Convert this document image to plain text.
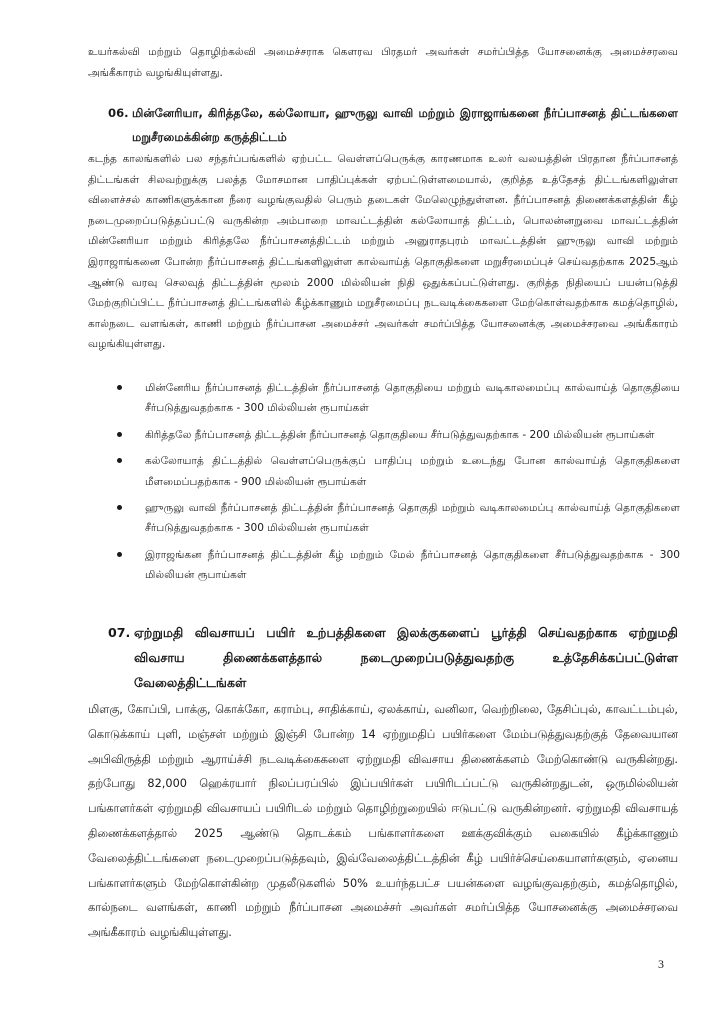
உயர்கல்வி மற்றும் தொழிற்கல்வி அமைச்சராக கௌரவ பிரதமர் அவர்கள் சமர்ப்பித்த யோசனைக்கு அமைச்சரவை அங்கீகாரம் வழங்கியுள்ளது.

06. மின்னேரியா, கிரித்தலே, கல்லோயா, ஹுருலு வாவி மற்றும் இராஜாங்கனை நீர்ப்பாசனத் திட்டங்களை மறுசீரமைக்கின்ற கருத்திட்டம்

கடந்த காலங்களில் பல சந்தர்ப்பங்களில் ஏற்பட்ட வெள்ளப்பெருக்கு காரணமாக உலர் வலயத்தின் பிரதான நீர்ப்பாசனத் திட்டங்கள் சிலவற்றுக்கு பலத்த மோசமான பாதிப்புக்கள் ஏற்பட்டுள்ளமையால், குறித்த உத்தேசத் திட்டங்களிலுள்ள விளைச்சல் காணிகளுக்கான நீரை வழங்குவதில் பெரும் தடைகள் மேலெழுந்துள்ளன. நீர்ப்பாசனத் திணைக்களத்தின் கீழ் நடைமுறைப்படுத்தப்பட்டு வருகின்ற அம்பாறை மாவட்டத்தின் கல்லோயாத் திட்டம், பொலன்னறுவை மாவட்டத்தின் மின்னேரியா மற்றும் கிரித்தலே நீர்ப்பாசனத்திட்டம் மற்றும் அனுராதபுரம் மாவட்டத்தின் ஹுருலு வாவி மற்றும் இராஜாங்கனை போன்ற நீர்ப்பாசனத் திட்டங்களிலுள்ள கால்வாய்த் தொகுதிகளை மறுசீரமைப்புச் செய்வதற்காக 2025ஆம் ஆண்டு வரவு செலவுத் திட்டத்தின் மூலம் 2000 மில்லியன் நிதி ஒதுக்கப்பட்டுள்ளது. குறித்த நிதியைப் பயன்படுத்தி மேற்குறிப்பிட்ட நீர்ப்பாசனத் திட்டங்களில் கீழ்க்காணும் மறுசீரமைப்பு நடவடிக்கைகளை மேற்கொள்வதற்காக கமத்தொழில், கால்நடை வளங்கள், காணி மற்றும் நீர்ப்பாசன அமைச்சர் அவர்கள் சமர்ப்பித்த யோசனைக்கு அமைச்சரவை அங்கீகாரம் வழங்கியுள்ளது.

மின்னேரிய நீர்ப்பாசனத் திட்டத்தின் நீர்ப்பாசனத் தொகுதியை மற்றும் வடிகாலமைப்பு கால்வாய்த் தொகுதியை சீர்படுத்துவதற்காக - 300 மில்லியன் ரூபாய்கள்
கிரித்தலே நீர்ப்பாசனத் திட்டத்தின் நீர்ப்பாசனத் தொகுதியை சீர்படுத்துவதற்காக - 200 மில்லியன் ரூபாய்கள்
கல்லோயாத் திட்டத்தில் வெள்ளப்பெருக்குப் பாதிப்பு மற்றும் உடைந்து போன கால்வாய்த் தொகுதிகளை மீளமைப்பதற்காக - 900 மில்லியன் ரூபாய்கள்
ஹுருலு வாவி நீர்ப்பாசனத் திட்டத்தின் நீர்ப்பாசனத் தொகுதி மற்றும் வடிகாலமைப்பு கால்வாய்த் தொகுதிகளை சீர்படுத்துவதற்காக - 300 மில்லியன் ரூபாய்கள்
இராஜங்கன நீர்ப்பாசனத் திட்டத்தின் கீழ் மற்றும் மேல் நீர்ப்பாசனத் தொகுதிகளை சீர்படுத்துவதற்காக - 300 மில்லியன் ரூபாய்கள்
07. ஏற்றுமதி விவசாயப் பயிர் உற்பத்திகளை இலக்குகளைப் பூர்த்தி செய்வதற்காக ஏற்றுமதி விவசாய திணைக்களத்தால் நடைமுறைப்படுத்துவதற்கு உத்தேசிக்கப்பட்டுள்ள வேலைத்திட்டங்கள்

மிளகு, கோப்பி, பாக்கு, கொக்கோ, கராம்பு, சாதிக்காய், ஏலக்காய், வனிலா, வெற்றிலை, தேசிப்புல், காவட்டம்புல், கொடுக்காய் புளி, மஞ்சள் மற்றும் இஞ்சி போன்ற 14 ஏற்றுமதிப் பயிர்களை மேம்படுத்துவதற்குத் தேவையான அபிவிருத்தி மற்றும் ஆராய்ச்சி நடவடிக்கைகளை ஏற்றுமதி விவசாய திணைக்களம் மேற்கொண்டு வருகின்றது. தற்போது 82,000 ஹெக்ரயார் நிலப்பரப்பில் இப்பயிர்கள் பயிரிடப்பட்டு வருகின்றதுடன், ஒருமில்லியன் பங்காளர்கள் ஏற்றுமதி விவசாயப் பயிரிடல் மற்றும் தொழிற்றுறையில் ஈடுபட்டு வருகின்றனர். ஏற்றுமதி விவசாயத் திணைக்களத்தால் 2025 ஆண்டு தொடக்கம் பங்காளர்களை ஊக்குவிக்கும் வகையில் கீழ்க்காணும் வேலைத்திட்டங்களை நடைமுறைப்படுத்தவும், இவ்வேலைத்திட்டத்தின் கீழ் பயிர்ச்செய்கையாளர்களும், ஏனைய பங்காளர்களும் மேற்கொள்கின்ற முதலீடுகளில் 50% உயர்ந்தபட்ச பயன்களை வழங்குவதற்கும், கமத்தொழில், கால்நடை வளங்கள், காணி மற்றும் நீர்ப்பாசன அமைச்சர் அவர்கள் சமர்ப்பித்த யோசனைக்கு அமைச்சரவை அங்கீகாரம் வழங்கியுள்ளது.

3
